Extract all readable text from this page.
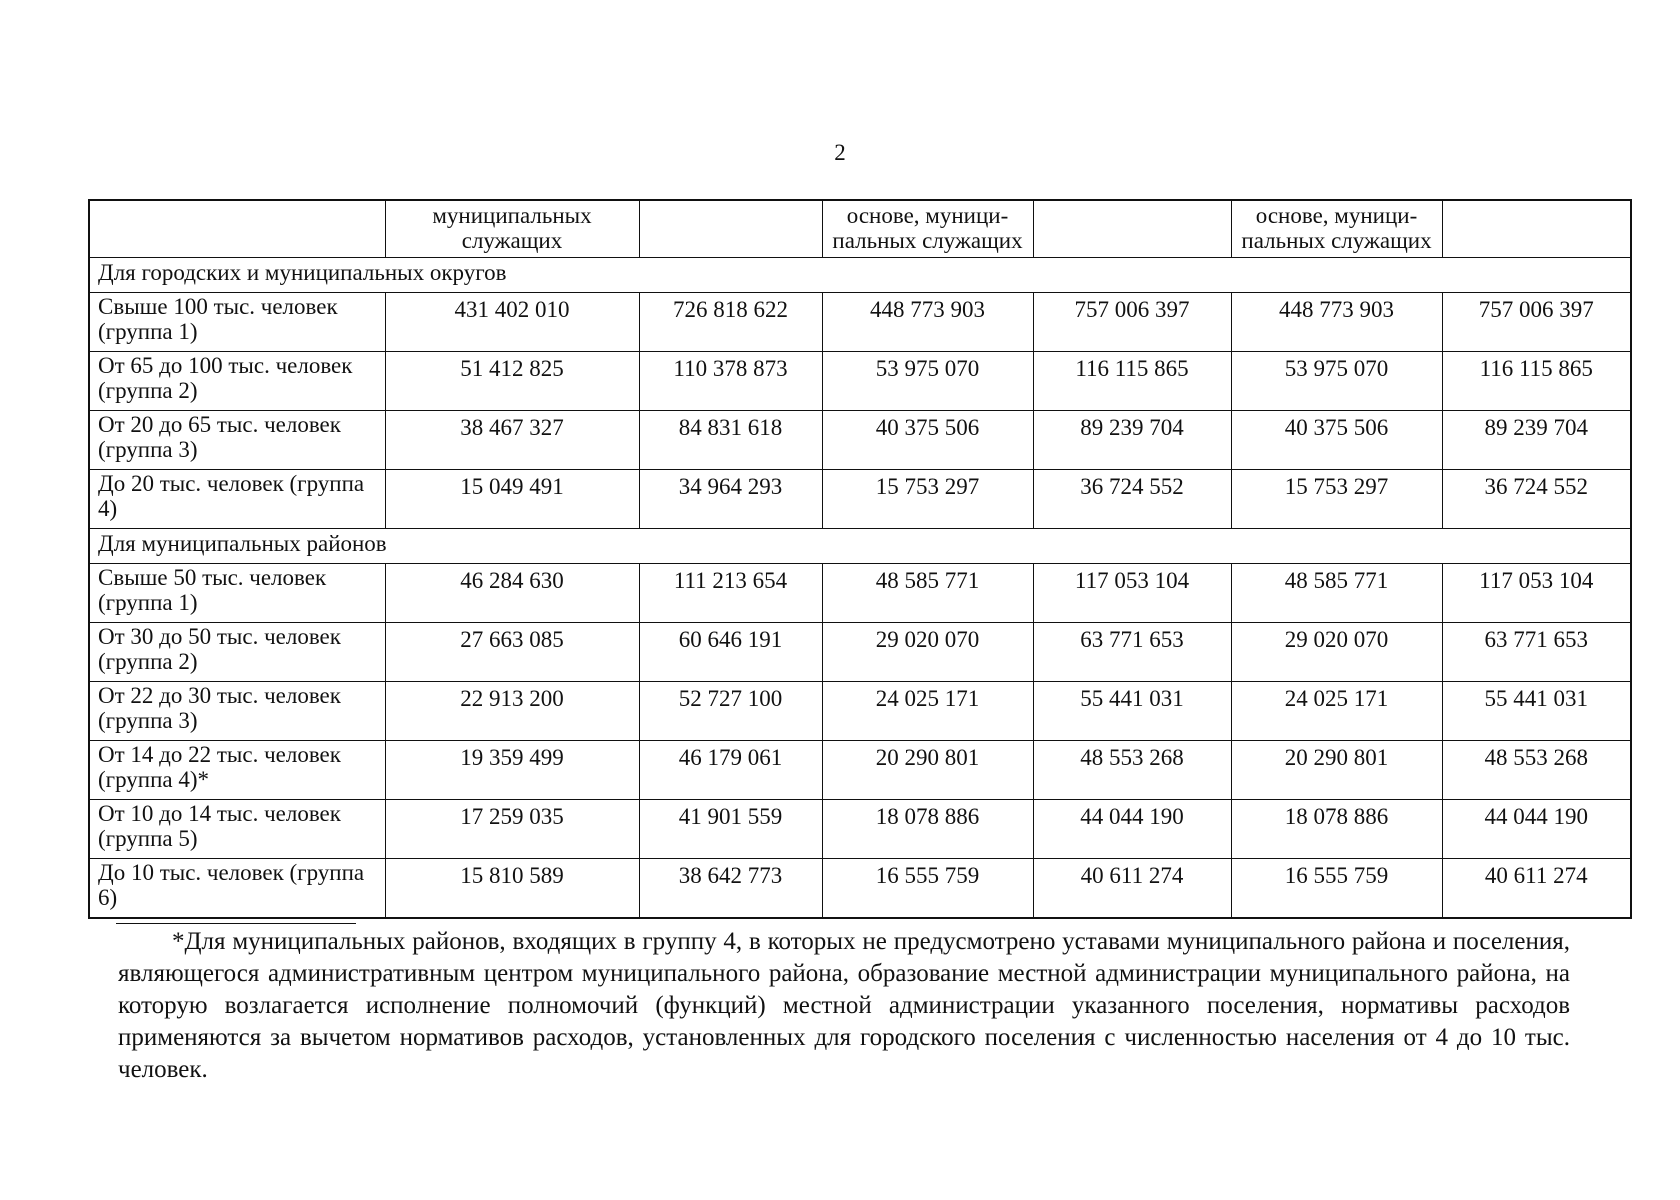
2
	муниципальных служащих		основе, муници-пальных служащих		основе, муници-пальных служащих	
Для городских и муниципальных округов						
Свыше 100 тыс. человек (группа 1)	431 402 010	726 818 622	448 773 903	757 006 397	448 773 903	757 006 397
От 65 до 100 тыс. человек (группа 2)	51 412 825	110 378 873	53 975 070	116 115 865	53 975 070	116 115 865
От 20 до 65 тыс. человек (группа 3)	38 467 327	84 831 618	40 375 506	89 239 704	40 375 506	89 239 704
До 20 тыс. человек (группа 4)	15 049 491	34 964 293	15 753 297	36 724 552	15 753 297	36 724 552
Для муниципальных районов						
Свыше 50 тыс. человек (группа 1)	46 284 630	111 213 654	48 585 771	117 053 104	48 585 771	117 053 104
От 30 до 50 тыс. человек (группа 2)	27 663 085	60 646 191	29 020 070	63 771 653	29 020 070	63 771 653
От 22 до 30 тыс. человек (группа 3)	22 913 200	52 727 100	24 025 171	55 441 031	24 025 171	55 441 031
От 14 до 22 тыс. человек (группа 4)*	19 359 499	46 179 061	20 290 801	48 553 268	20 290 801	48 553 268
От 10 до 14 тыс. человек (группа 5)	17 259 035	41 901 559	18 078 886	44 044 190	18 078 886	44 044 190
До 10 тыс. человек (группа 6)	15 810 589	38 642 773	16 555 759	40 611 274	16 555 759	40 611 274
*Для муниципальных районов, входящих в группу 4, в которых не предусмотрено уставами муниципального района и поселения, являющегося административным центром муниципального района, образование местной администрации муниципального района, на которую возлагается исполнение полномочий (функций) местной администрации указанного поселения, нормативы расходов применяются за вычетом нормативов расходов, установленных для городского поселения с численностью населения от 4 до 10 тыс. человек.
